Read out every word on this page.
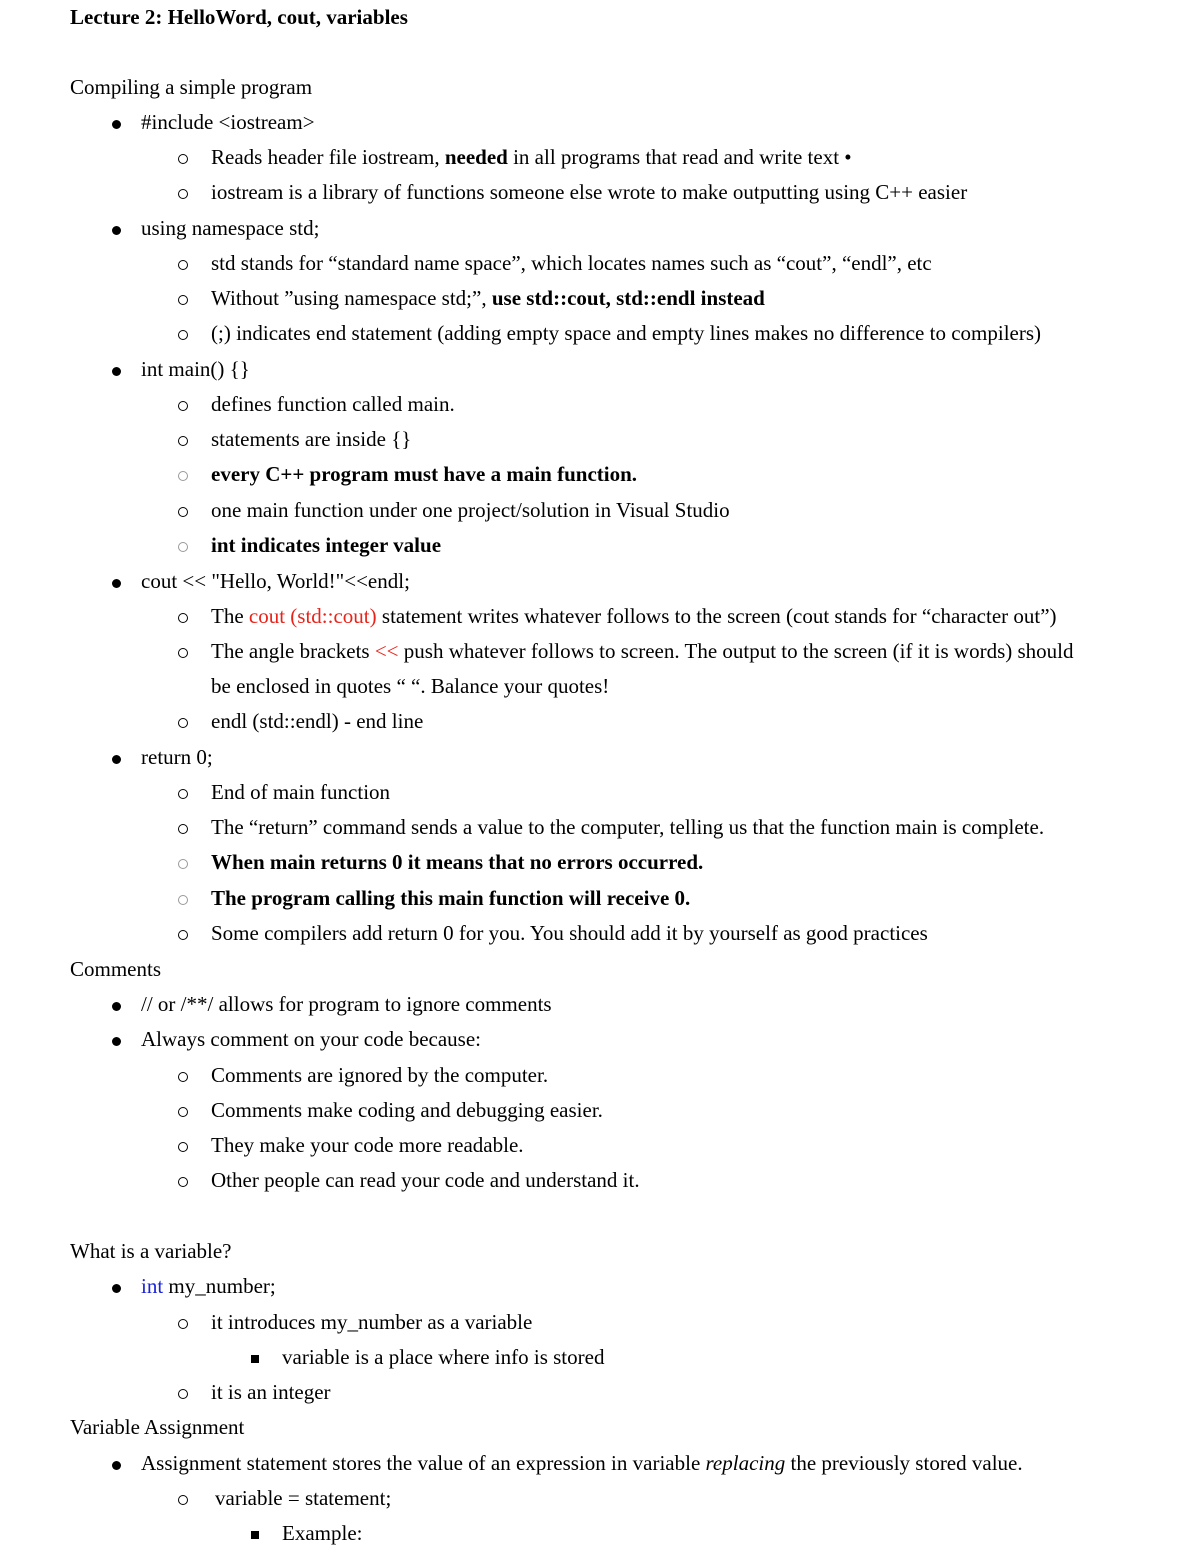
Lecture 2: HelloWord, cout, variables
Compiling a simple program
#include <iostream>
Reads header file iostream, needed in all programs that read and write text •
iostream is a library of functions someone else wrote to make outputting using C++ easier
using namespace std;
std stands for “standard name space”, which locates names such as “cout”, “endl”, etc
Without ”using namespace std;”, use std::cout, std::endl instead
(;) indicates end statement (adding empty space and empty lines makes no difference to compilers)
int main() {}
defines function called main.
statements are inside {}
every C++ program must have a main function.
one main function under one project/solution in Visual Studio
int indicates integer value
cout << "Hello, World!"<<endl;
The cout (std::cout) statement writes whatever follows to the screen (cout stands for “character out”)
The angle brackets << push whatever follows to screen. The output to the screen (if it is words) should
be enclosed in quotes “ “. Balance your quotes!
endl (std::endl) - end line
return 0;
End of main function
The “return” command sends a value to the computer, telling us that the function main is complete.
When main returns 0 it means that no errors occurred.
The program calling this main function will receive 0.
Some compilers add return 0 for you. You should add it by yourself as good practices
Comments
// or /**/ allows for program to ignore comments
Always comment on your code because:
Comments are ignored by the computer.
Comments make coding and debugging easier.
They make your code more readable.
Other people can read your code and understand it.
What is a variable?
int my_number;
it introduces my_number as a variable
variable is a place where info is stored
it is an integer
Variable Assignment
Assignment statement stores the value of an expression in variable replacing the previously stored value.
variable = statement;
Example:
